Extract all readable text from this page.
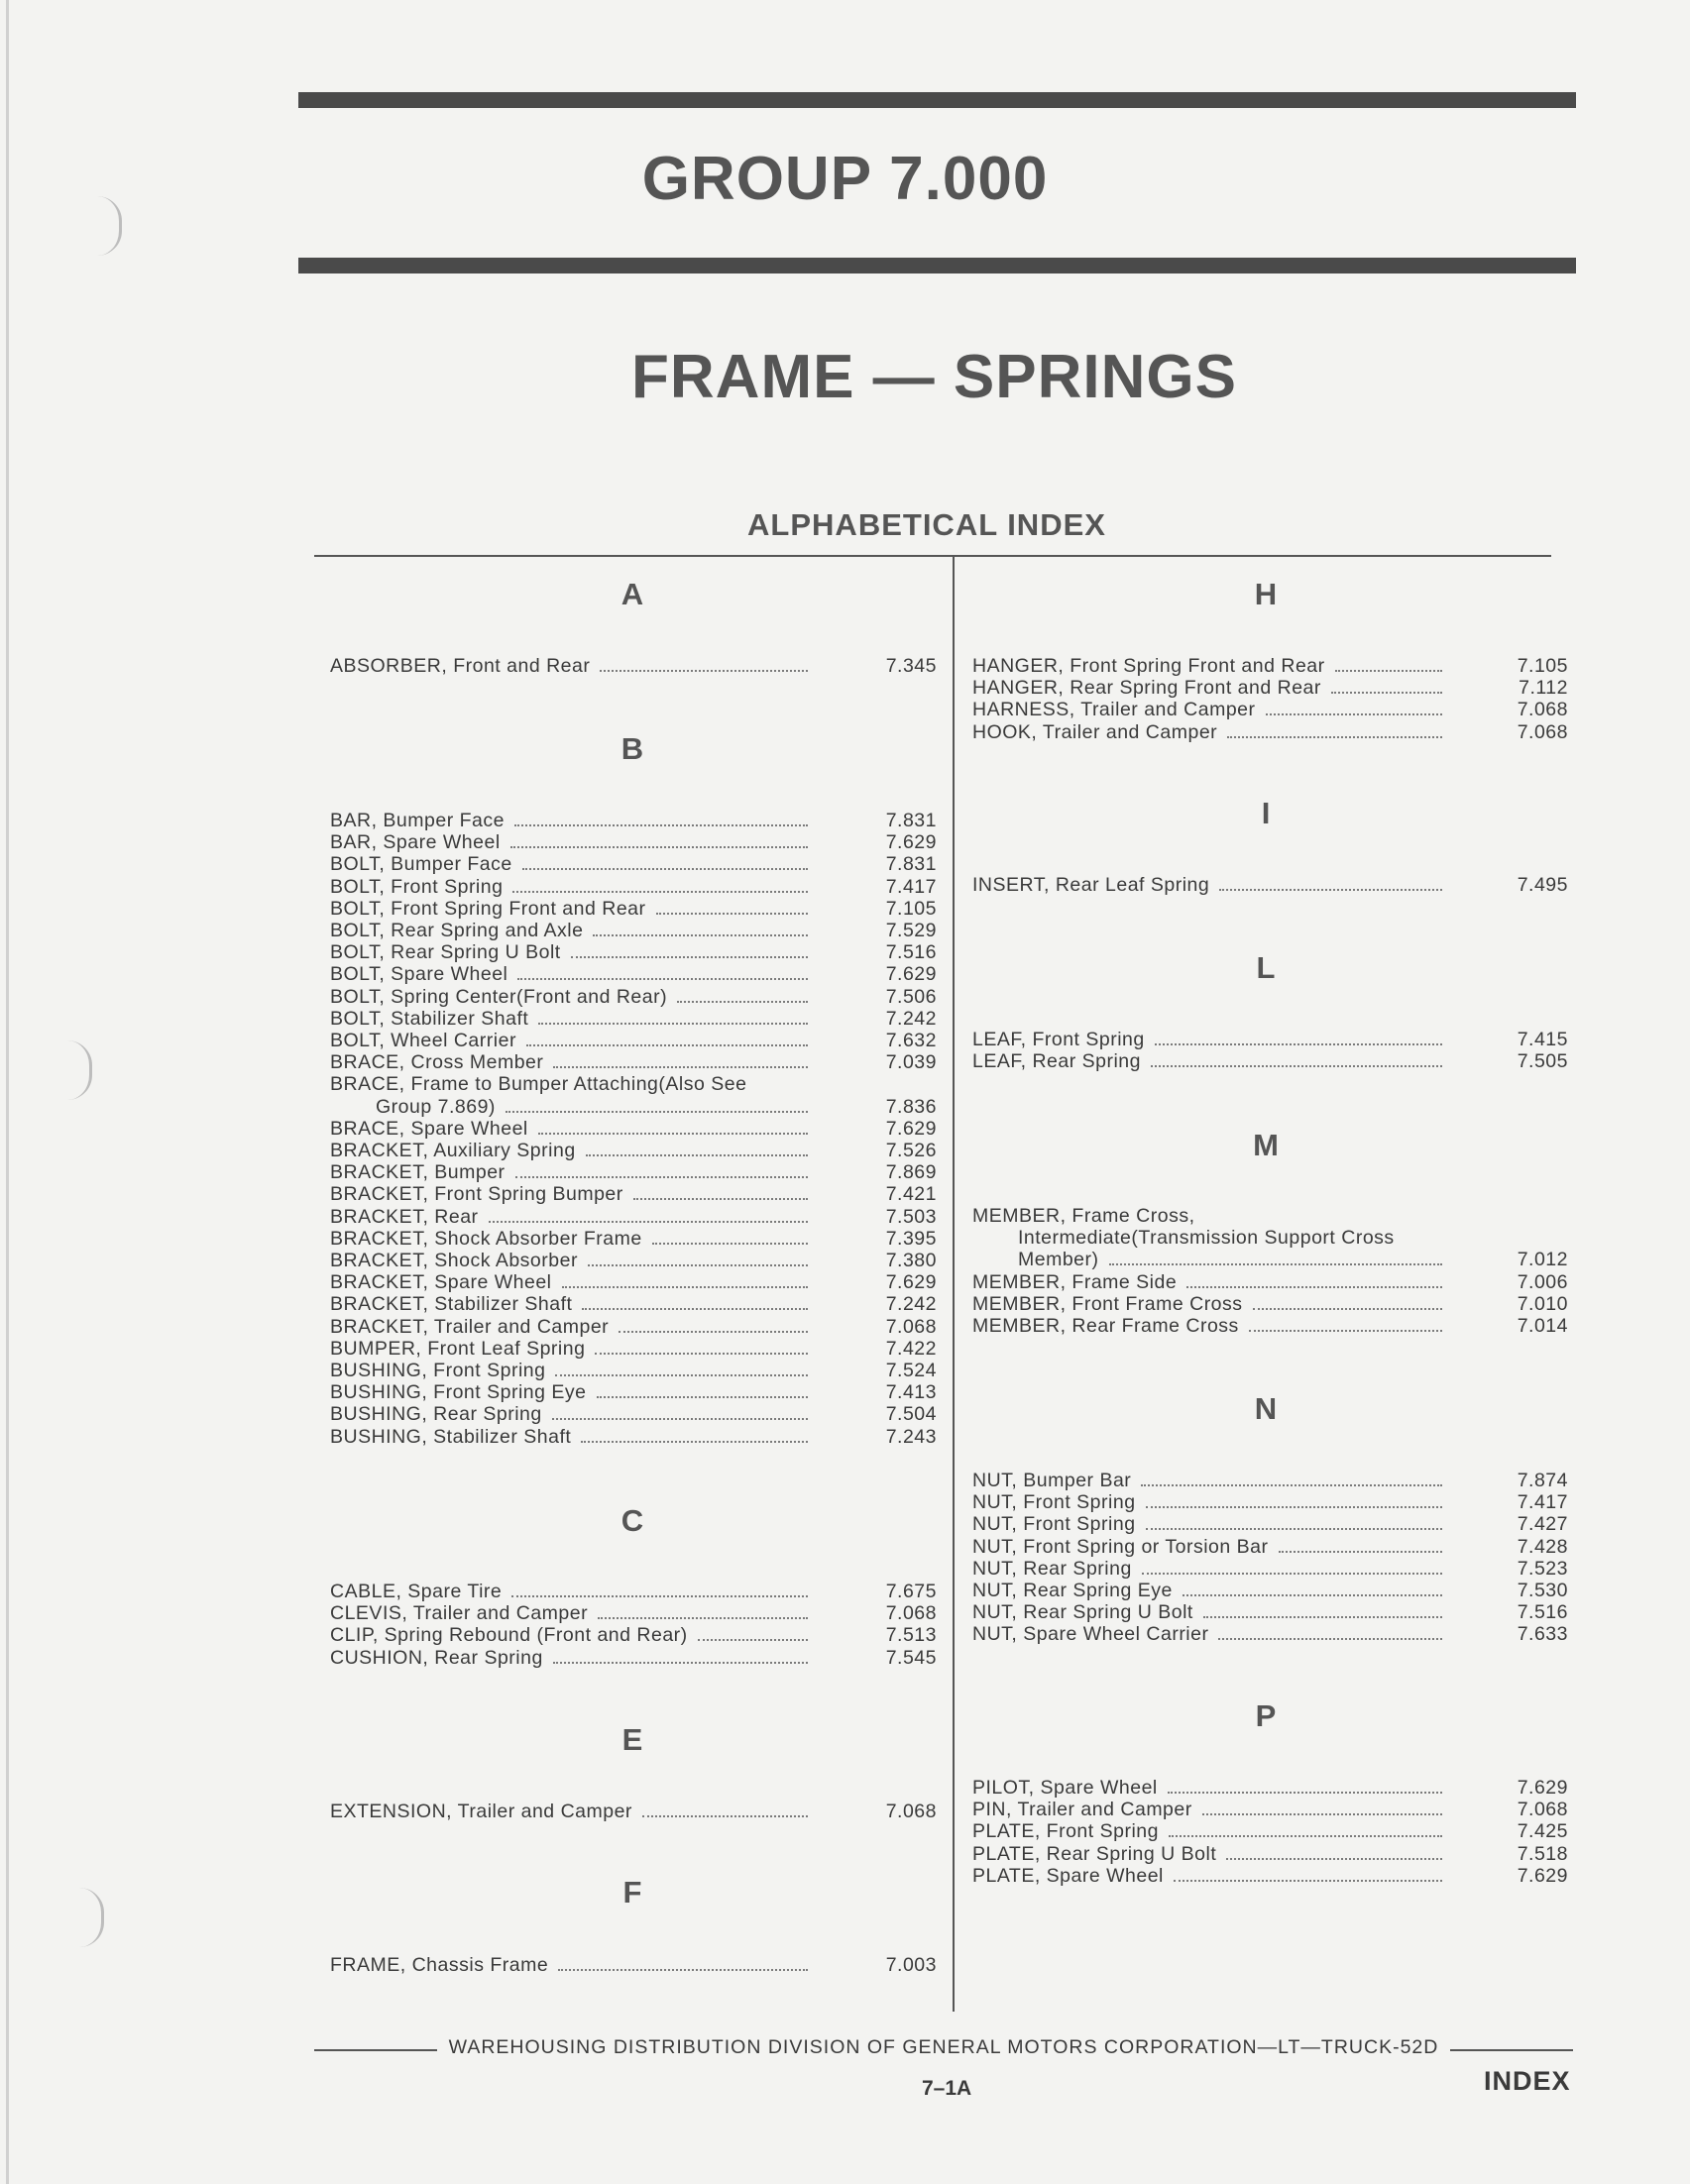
GROUP 7.000
FRAME — SPRINGS
ALPHABETICAL INDEX
A
ABSORBER, Front and Rear	7.345
B
BAR, Bumper Face	7.831
BAR, Spare Wheel	7.629
BOLT, Bumper Face	7.831
BOLT, Front Spring	7.417
BOLT, Front Spring Front and Rear	7.105
BOLT, Rear Spring and Axle	7.529
BOLT, Rear Spring U Bolt	7.516
BOLT, Spare Wheel	7.629
BOLT, Spring Center(Front and Rear)	7.506
BOLT, Stabilizer Shaft	7.242
BOLT, Wheel Carrier	7.632
BRACE, Cross Member	7.039
BRACE, Frame to Bumper Attaching(Also See
Group 7.869)	7.836
BRACE, Spare Wheel	7.629
BRACKET, Auxiliary Spring	7.526
BRACKET, Bumper	7.869
BRACKET, Front Spring Bumper	7.421
BRACKET, Rear	7.503
BRACKET, Shock Absorber Frame	7.395
BRACKET, Shock Absorber	7.380
BRACKET, Spare Wheel	7.629
BRACKET, Stabilizer Shaft	7.242
BRACKET, Trailer and Camper	7.068
BUMPER, Front Leaf Spring	7.422
BUSHING, Front Spring	7.524
BUSHING, Front Spring Eye	7.413
BUSHING, Rear Spring	7.504
BUSHING, Stabilizer Shaft	7.243
C
CABLE, Spare Tire	7.675
CLEVIS, Trailer and Camper	7.068
CLIP, Spring Rebound (Front and Rear)	7.513
CUSHION, Rear Spring	7.545
E
EXTENSION, Trailer and Camper	7.068
F
FRAME, Chassis Frame	7.003
H
HANGER, Front Spring Front and Rear	7.105
HANGER, Rear Spring Front and Rear	7.112
HARNESS, Trailer and Camper	7.068
HOOK, Trailer and Camper	7.068
I
INSERT, Rear Leaf Spring	7.495
L
LEAF, Front Spring	7.415
LEAF, Rear Spring	7.505
M
MEMBER, Frame Cross,
Intermediate(Transmission Support Cross
Member)	7.012
MEMBER, Frame Side	7.006
MEMBER, Front Frame Cross	7.010
MEMBER, Rear Frame Cross	7.014
N
NUT, Bumper Bar	7.874
NUT, Front Spring	7.417
NUT, Front Spring	7.427
NUT, Front Spring or Torsion Bar	7.428
NUT, Rear Spring	7.523
NUT, Rear Spring Eye	7.530
NUT, Rear Spring U Bolt	7.516
NUT, Spare Wheel Carrier	7.633
P
PILOT, Spare Wheel	7.629
PIN, Trailer and Camper	7.068
PLATE, Front Spring	7.425
PLATE, Rear Spring U Bolt	7.518
PLATE, Spare Wheel	7.629
WAREHOUSING DISTRIBUTION DIVISION OF GENERAL MOTORS CORPORATION—LT—TRUCK-52D
7–1A	INDEX
